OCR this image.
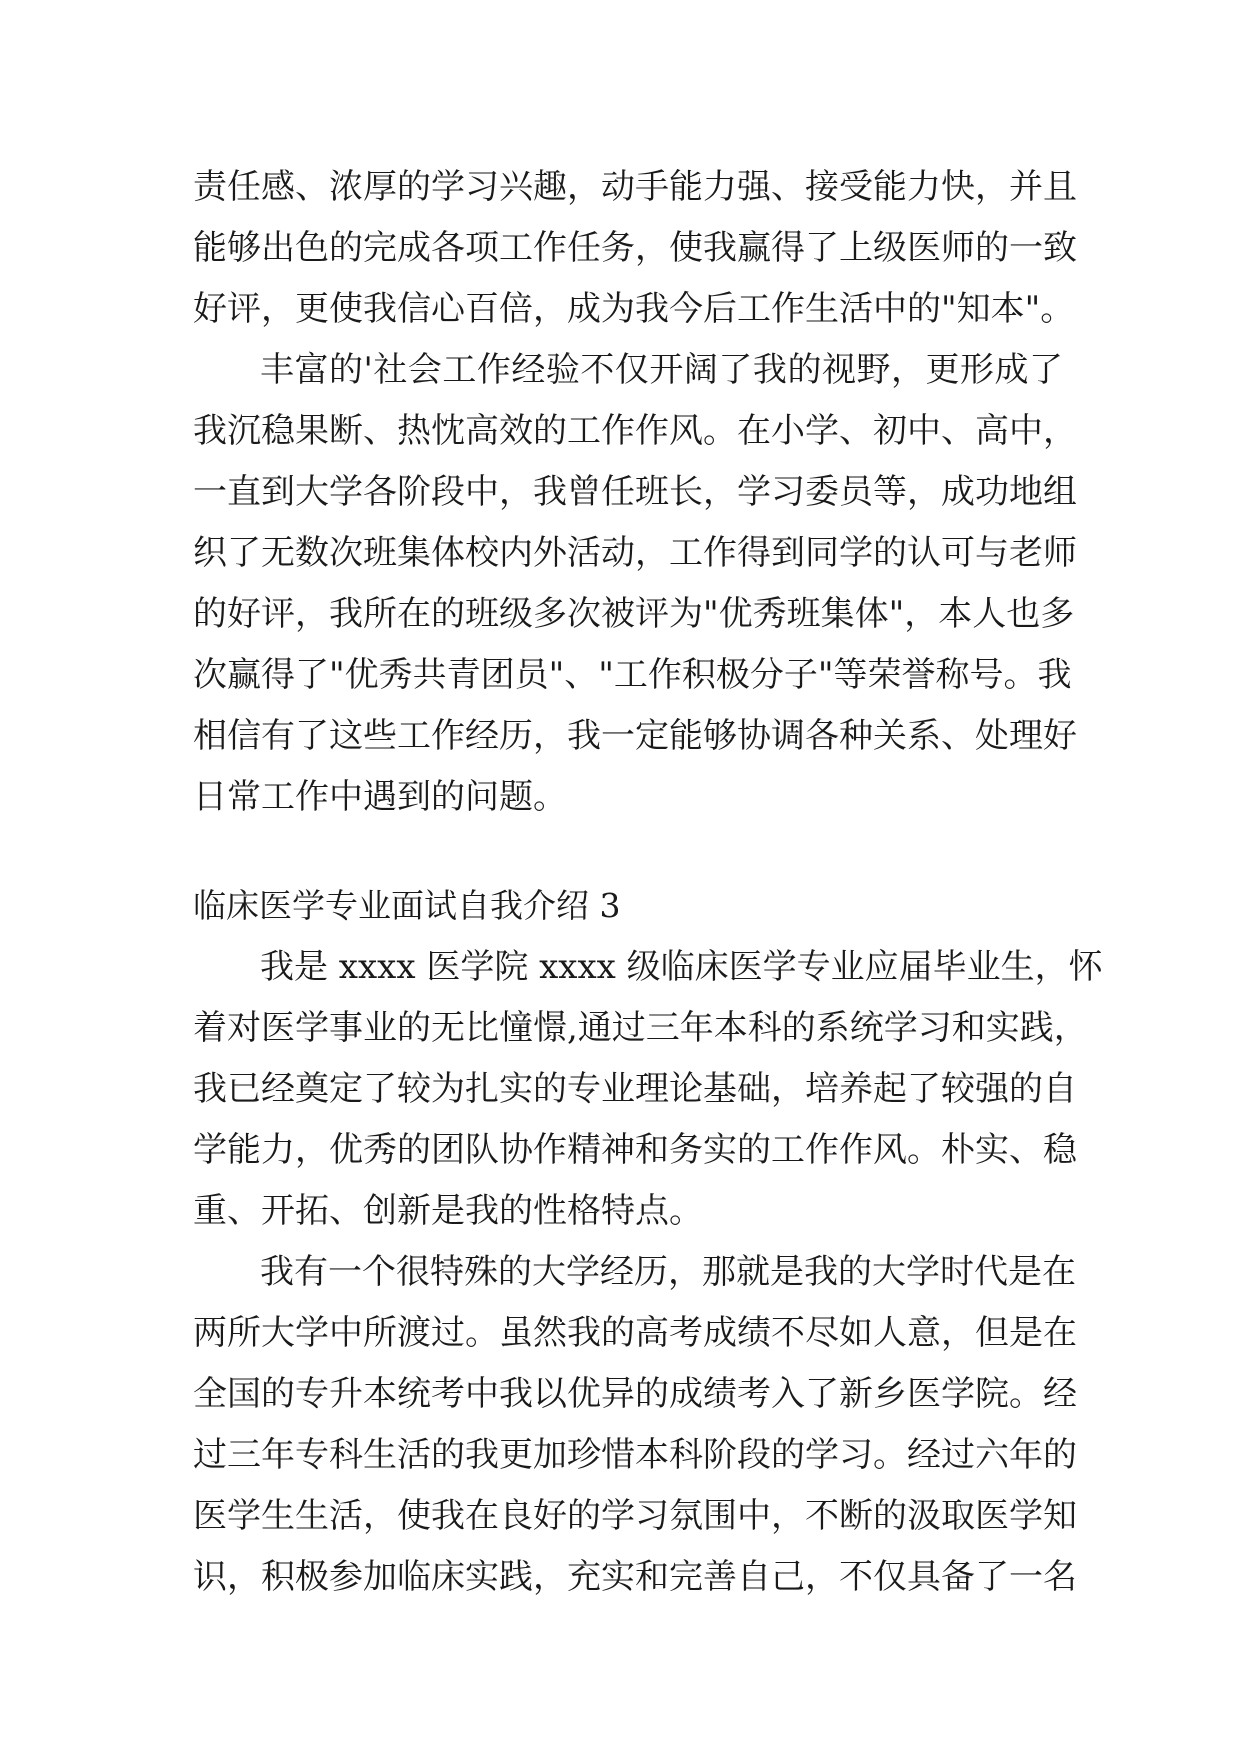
责任感、浓厚的学习兴趣，动手能力强、接受能力快，并且
能够出色的完成各项工作任务，使我赢得了上级医师的一致
好评，更使我信心百倍，成为我今后工作生活中的"知本"。
丰富的'社会工作经验不仅开阔了我的视野，更形成了
我沉稳果断、热忱高效的工作作风。在小学、初中、高中，
一直到大学各阶段中，我曾任班长，学习委员等，成功地组
织了无数次班集体校内外活动，工作得到同学的认可与老师
的好评，我所在的班级多次被评为"优秀班集体"，本人也多
次赢得了"优秀共青团员"、"工作积极分子"等荣誉称号。我
相信有了这些工作经历，我一定能够协调各种关系、处理好
日常工作中遇到的问题。
临床医学专业面试自我介绍 3
我是 xxxx 医学院 xxxx 级临床医学专业应届毕业生，怀
着对医学事业的无比憧憬,通过三年本科的系统学习和实践，
我已经奠定了较为扎实的专业理论基础，培养起了较强的自
学能力，优秀的团队协作精神和务实的工作作风。朴实、稳
重、开拓、创新是我的性格特点。
我有一个很特殊的大学经历，那就是我的大学时代是在
两所大学中所渡过。虽然我的高考成绩不尽如人意，但是在
全国的专升本统考中我以优异的成绩考入了新乡医学院。经
过三年专科生活的我更加珍惜本科阶段的学习。经过六年的
医学生生活，使我在良好的学习氛围中，不断的汲取医学知
识，积极参加临床实践，充实和完善自己，不仅具备了一名
